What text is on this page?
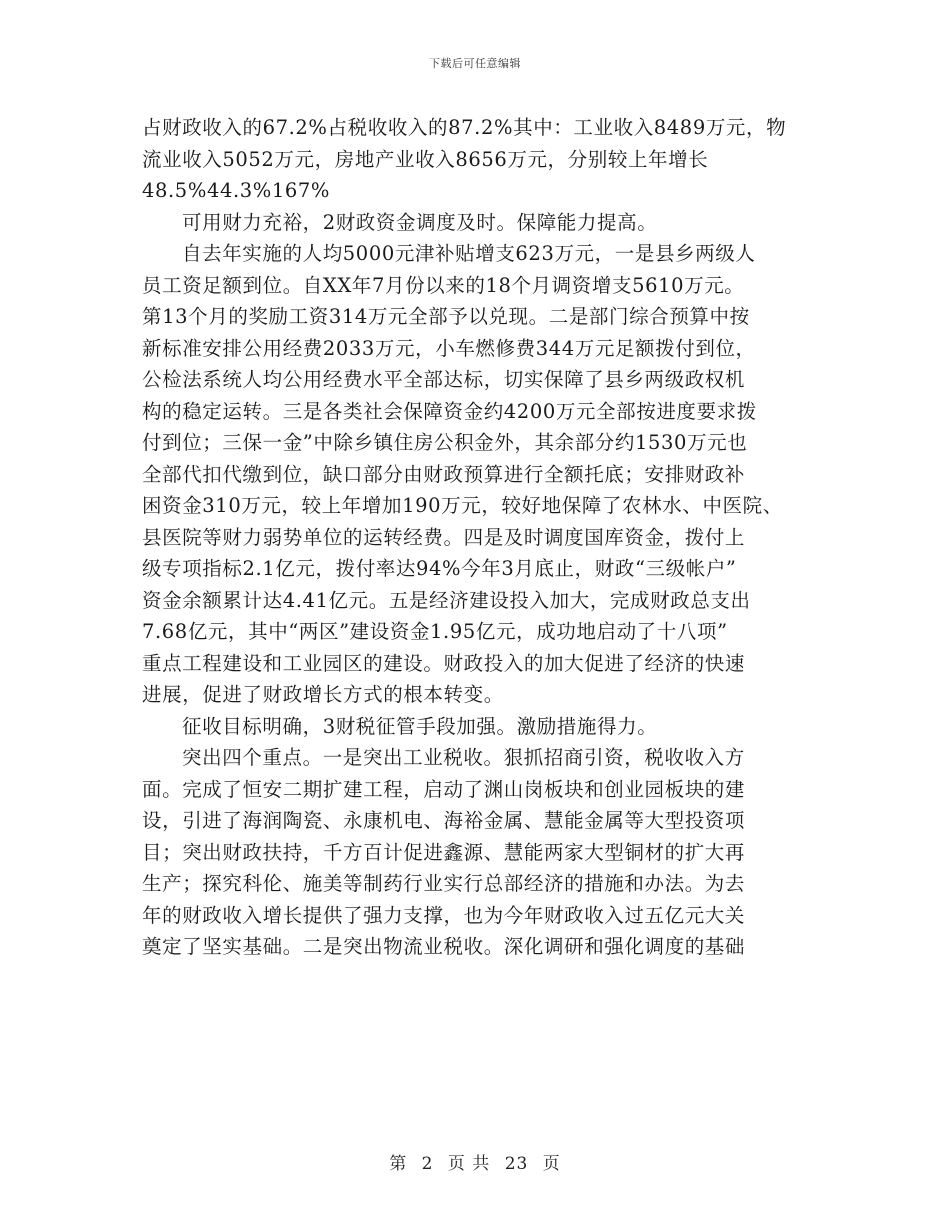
下载后可任意编辑
占财政收入的67.2%占税收收入的87.2%其中：工业收入8489万元，物
流业收入5052万元，房地产业收入8656万元，分别较上年增长
48.5%44.3%167%
可用财力充裕，2财政资金调度及时。保障能力提高。
自去年实施的人均5000元津补贴增支623万元，一是县乡两级人
员工资足额到位。自XX年7月份以来的18个月调资增支5610万元。
第13个月的奖励工资314万元全部予以兑现。二是部门综合预算中按
新标准安排公用经费2033万元，小车燃修费344万元足额拨付到位，
公检法系统人均公用经费水平全部达标，切实保障了县乡两级政权机
构的稳定运转。三是各类社会保障资金约4200万元全部按进度要求拨
付到位；三保一金”中除乡镇住房公积金外，其余部分约1530万元也
全部代扣代缴到位，缺口部分由财政预算进行全额托底；安排财政补
困资金310万元，较上年增加190万元，较好地保障了农林水、中医院、
县医院等财力弱势单位的运转经费。四是及时调度国库资金，拨付上
级专项指标2.1亿元，拨付率达94%今年3月底止，财政“三级帐户”
资金余额累计达4.41亿元。五是经济建设投入加大，完成财政总支出
7.68亿元，其中“两区”建设资金1.95亿元，成功地启动了十八项”
重点工程建设和工业园区的建设。财政投入的加大促进了经济的快速
进展，促进了财政增长方式的根本转变。
征收目标明确，3财税征管手段加强。激励措施得力。
突出四个重点。一是突出工业税收。狠抓招商引资，税收收入方
面。完成了恒安二期扩建工程，启动了渊山岗板块和创业园板块的建
设，引进了海润陶瓷、永康机电、海裕金属、慧能金属等大型投资项
目；突出财政扶持，千方百计促进鑫源、慧能两家大型铜材的扩大再
生产；探究科伦、施美等制药行业实行总部经济的措施和办法。为去
年的财政收入增长提供了强力支撑，也为今年财政收入过五亿元大关
奠定了坚实基础。二是突出物流业税收。深化调研和强化调度的基础
第 2 页 共 23 页
